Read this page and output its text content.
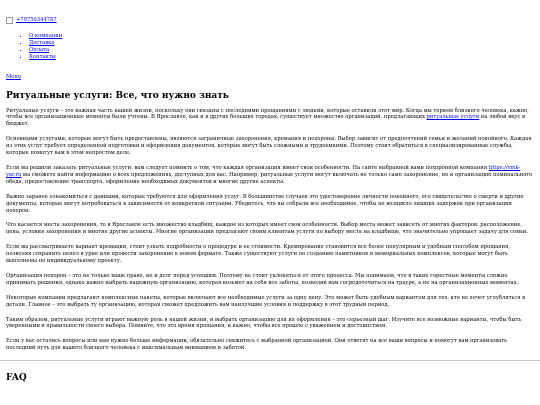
+79750344787
• О компании
• Доставка
• Оплата
• Контакты
Menu
Ритуальные услуги: Все, что нужно знать

Ритуальные услуги – это важная часть нашей жизни, поскольку они связаны с последними прощаниями с людьми, которые оставили этот мир. Когда мы теряем близкого человека, важно, чтобы все организационные моменты были учтены. В Ярославле, как и в других больших городах, существует множество организаций, предлагающих ритуальные услуги на любой вкус и бюджет.

Основными услугами, которые могут быть предоставлены, являются заграничные захоронения, кремация и похороны. Выбор зависит от предпочтений семьи и желаний покойного. Каждая из этих услуг требует определенной подготовки и оформления документов, которые могут быть сложными и трудоемкими. Поэтому стоит обратиться в специализированные службы, которые помогут вам в этом непростом деле.

Если вы решили заказать ритуальные услуги, вам следует помнить о том, что каждая организация имеет свои особенности. На сайте выбранной вами похоронной компании https://vmk-yar.ru вы сможете найти информацию о всех предложениях, доступных для вас. Например, ритуальные услуги могут включать не только само захоронение, но и организацию поминального обеда, предоставление транспорта, оформление необходимых документов и многие другие аспекты.

Важно заранее ознакомиться с данными, которые требуются для оформления услуг. В большинстве случаев это удостоверение личности покойного, его свидетельство о смерти и другие документы, которые могут потребоваться в зависимости от конкретной ситуации. Убедитесь, что вы собрали все необходимое, чтобы не возникло лишних задержек при организации похорон.

Что касается места захоронения, то в Ярославле есть множество кладбищ, каждое из которых имеет свои особенности. Выбор места может зависеть от многих факторов: расположение, цена, условия захоронения и многие другие аспекты. Многие организации предлагают своим клиентам услуги по выбору места на кладбище, что значительно упрощает задачу для семьи.

Если вы рассматриваете вариант кремации, стоит узнать подробности о процедуре и ее стоимости. Кремирование становится все более популярным и удобным способом прощания, позволяя сохранить пепел в урне или провести захоронение в новом формате. Также существуют услуги по созданию памятников и мемориальных комплексов, которые могут быть выполнены по индивидуальному проекту.

Организация похорон – это не только ваше право, но и долг перед усопшим. Поэтому не стоит уклоняться от этого процесса. Мы понимаем, что в такие горестные моменты сложно принимать решения, однако важно выбрать надежную организацию, которая возьмет на себя все заботы, позволив вам сосредоточиться на трауре, а не на организационных моментах.

Некоторые компании предлагают комплексные пакеты, которые включают все необходимые услуги за одну цену. Это может быть удобным вариантом для тех, кто не хочет углубляться в детали. Главное – это выбрать ту организацию, которая сможет предложить вам наилучшие условия и поддержку в этот трудный период.

Таким образом, ритуальные услуги играют важную роль в нашей жизни, и выбрать организацию для их оформления – это серьезный шаг. Изучите все возможные варианты, чтобы быть уверенными в правильности своего выбора. Помните, что это время прощания, и важно, чтобы все прошло с уважением и достоинством.

Если у вас остались вопросы или вам нужно больше информации, обязательно свяжитесь с выбранной организацией. Они ответят на все ваши вопросы и помогут вам организовать последний путь для вашего близкого человека с максимальным вниманием и заботой.

FAQ
